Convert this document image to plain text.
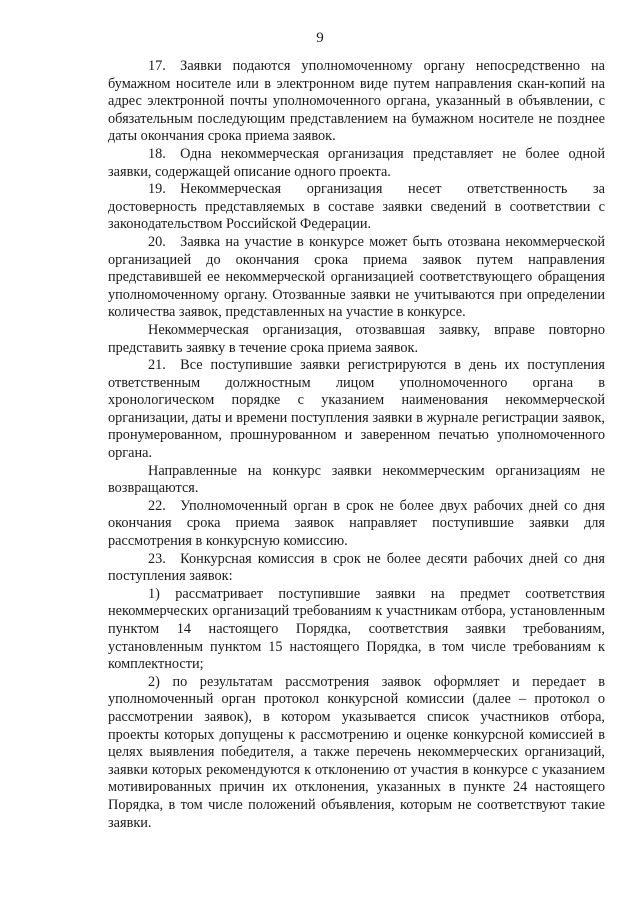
9

17. Заявки подаются уполномоченному органу непосредственно на бумажном носителе или в электронном виде путем направления скан-копий на адрес электронной почты уполномоченного органа, указанный в объявлении, с обязательным последующим представлением на бумажном носителе не позднее даты окончания срока приема заявок.

18. Одна некоммерческая организация представляет не более одной заявки, содержащей описание одного проекта.

19. Некоммерческая организация несет ответственность за достоверность представляемых в составе заявки сведений в соответствии с законодательством Российской Федерации.

20. Заявка на участие в конкурсе может быть отозвана некоммерческой организацией до окончания срока приема заявок путем направления представившей ее некоммерческой организацией соответствующего обращения уполномоченному органу. Отозванные заявки не учитываются при определении количества заявок, представленных на участие в конкурсе.

Некоммерческая организация, отозвавшая заявку, вправе повторно представить заявку в течение срока приема заявок.

21. Все поступившие заявки регистрируются в день их поступления ответственным должностным лицом уполномоченного органа в хронологическом порядке с указанием наименования некоммерческой организации, даты и времени поступления заявки в журнале регистрации заявок, пронумерованном, прошнурованном и заверенном печатью уполномоченного органа.

Направленные на конкурс заявки некоммерческим организациям не возвращаются.

22. Уполномоченный орган в срок не более двух рабочих дней со дня окончания срока приема заявок направляет поступившие заявки для рассмотрения в конкурсную комиссию.

23. Конкурсная комиссия в срок не более десяти рабочих дней со дня поступления заявок:

1) рассматривает поступившие заявки на предмет соответствия некоммерческих организаций требованиям к участникам отбора, установленным пунктом 14 настоящего Порядка, соответствия заявки требованиям, установленным пунктом 15 настоящего Порядка, в том числе требованиям к комплектности;

2) по результатам рассмотрения заявок оформляет и передает в уполномоченный орган протокол конкурсной комиссии (далее – протокол о рассмотрении заявок), в котором указывается список участников отбора, проекты которых допущены к рассмотрению и оценке конкурсной комиссией в целях выявления победителя, а также перечень некоммерческих организаций, заявки которых рекомендуются к отклонению от участия в конкурсе с указанием мотивированных причин их отклонения, указанных в пункте 24 настоящего Порядка, в том числе положений объявления, которым не соответствуют такие заявки.
